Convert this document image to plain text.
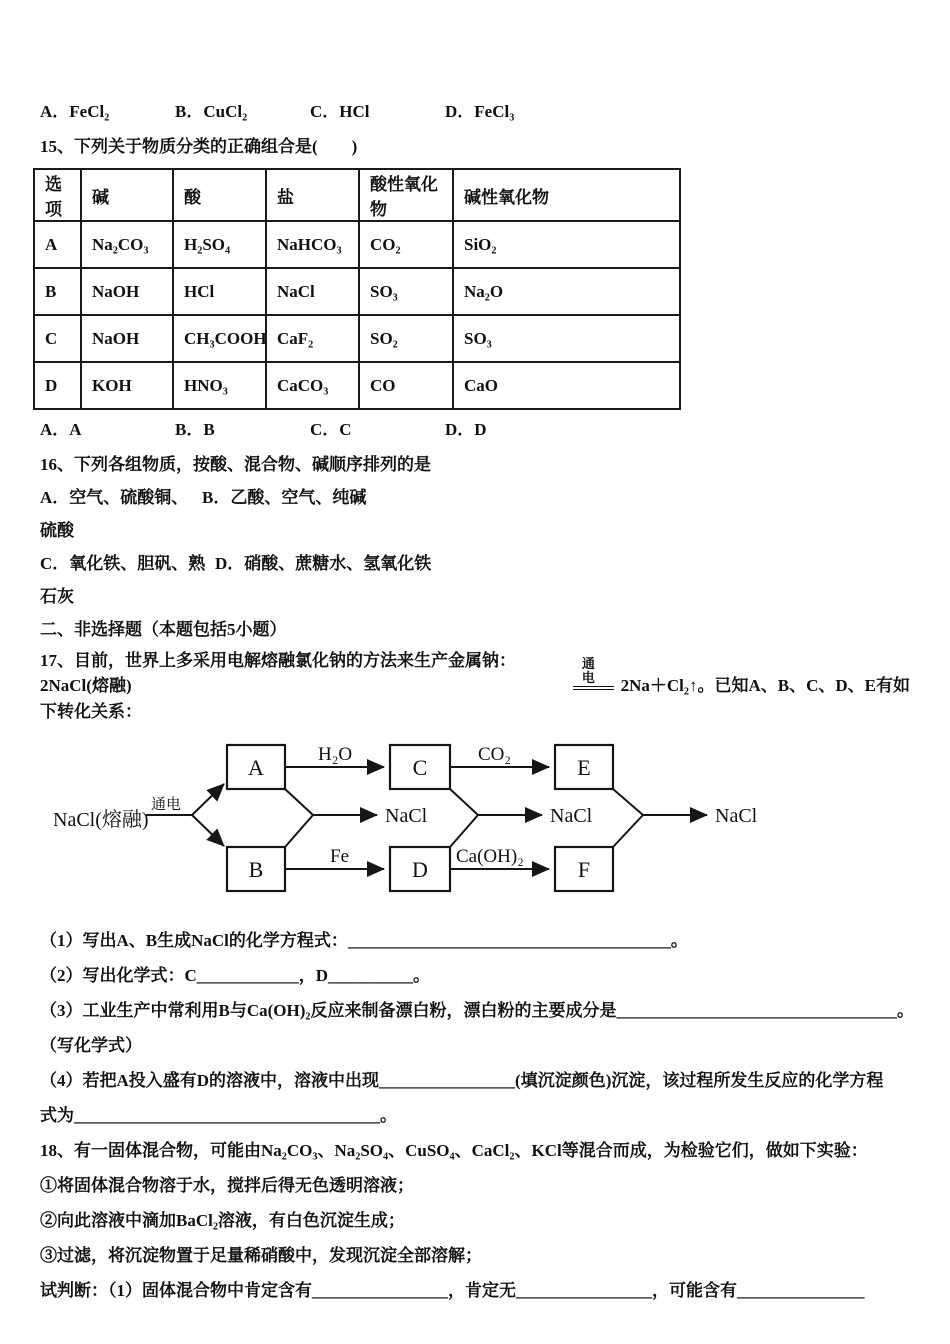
A．FeCl₂	B．CuCl₂	C．HCl	D．FeCl₃
15、下列关于物质分类的正确组合是(　　)
选项	碱	酸	盐	酸性氧化物	碱性氧化物
A	Na₂CO₃	H₂SO₄	NaHCO₃	CO₂	SiO₂
B	NaOH	HCl	NaCl	SO₃	Na₂O
C	NaOH	CH₃COOH	CaF₂	SO₂	SO₃
D	KOH	HNO₃	CaCO₃	CO	CaO
A．A	B．B	C．C	D．D
16、下列各组物质，按酸、混合物、碱顺序排列的是
A．空气、硫酸铜、硫酸
B．乙酸、空气、纯碱
C．氧化铁、胆矾、熟石灰
D．硝酸、蔗糖水、氢氧化铁
二、非选择题（本题包括5小题）
17、目前，世界上多采用电解熔融氯化钠的方法来生产金属钠：2NaCl(熔融)
通电	2Na＋Cl₂↑。已知A、B、C、D、E有如
下转化关系：
NaCl(熔融)
通电
A
B
H₂O
Fe
C
D
CO₂
Ca(OH)₂
E
F
NaCl	NaCl	NaCl
（1）写出A、B生成NaCl的化学方程式：______________________________________。
（2）写出化学式：C____________，D__________。
（3）工业生产中常利用B与Ca(OH)₂反应来制备漂白粉，漂白粉的主要成分是_________________________________。
（写化学式）
（4）若把A投入盛有D的溶液中，溶液中出现________________(填沉淀颜色)沉淀，该过程所发生反应的化学方程
式为____________________________________。
18、有一固体混合物，可能由Na₂CO₃、Na₂SO₄、CuSO₄、CaCl₂、KCl等混合而成，为检验它们，做如下实验：
①将固体混合物溶于水，搅拌后得无色透明溶液；
②向此溶液中滴加BaCl₂溶液，有白色沉淀生成；
③过滤，将沉淀物置于足量稀硝酸中，发现沉淀全部溶解；
试判断：（1）固体混合物中肯定含有________________，肯定无________________，可能含有_______________
